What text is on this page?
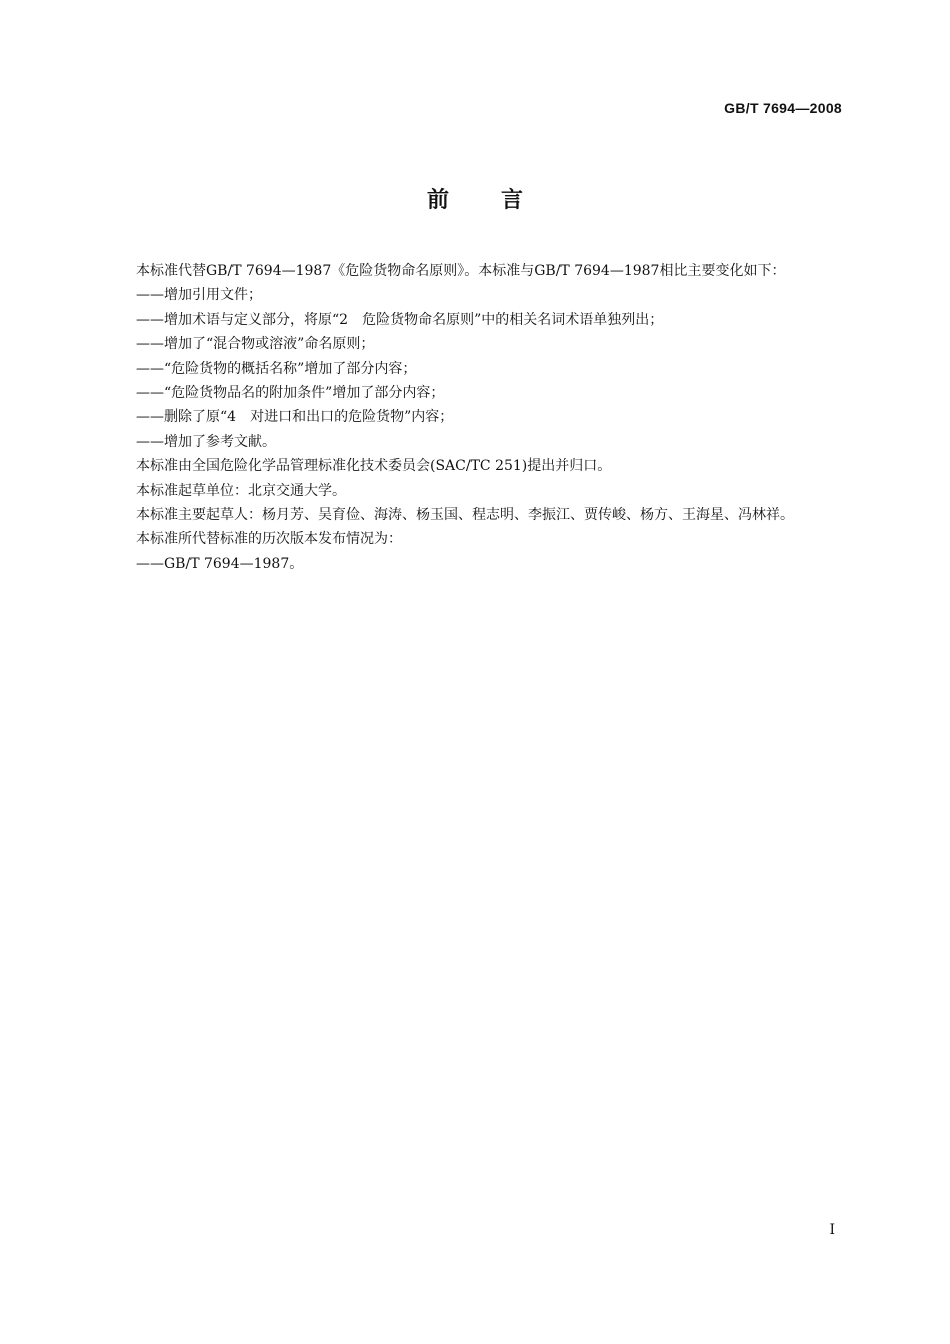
GB/T 7694—2008
前言

本标准代替GB/T 7694—1987《危险货物命名原则》。本标准与GB/T 7694—1987相比主要变化如下：

——增加引用文件；

——增加术语与定义部分，将原“2　危险货物命名原则”中的相关名词术语单独列出；

——增加了“混合物或溶液”命名原则；

——“危险货物的概括名称”增加了部分内容；

——“危险货物品名的附加条件”增加了部分内容；

——删除了原“4　对进口和出口的危险货物”内容；

——增加了参考文献。

本标准由全国危险化学品管理标准化技术委员会(SAC/TC 251)提出并归口。

本标准起草单位：北京交通大学。

本标准主要起草人：杨月芳、吴育俭、海涛、杨玉国、程志明、李振江、贾传峻、杨方、王海星、冯林祥。

本标准所代替标准的历次版本发布情况为：

——GB/T 7694—1987。

I
